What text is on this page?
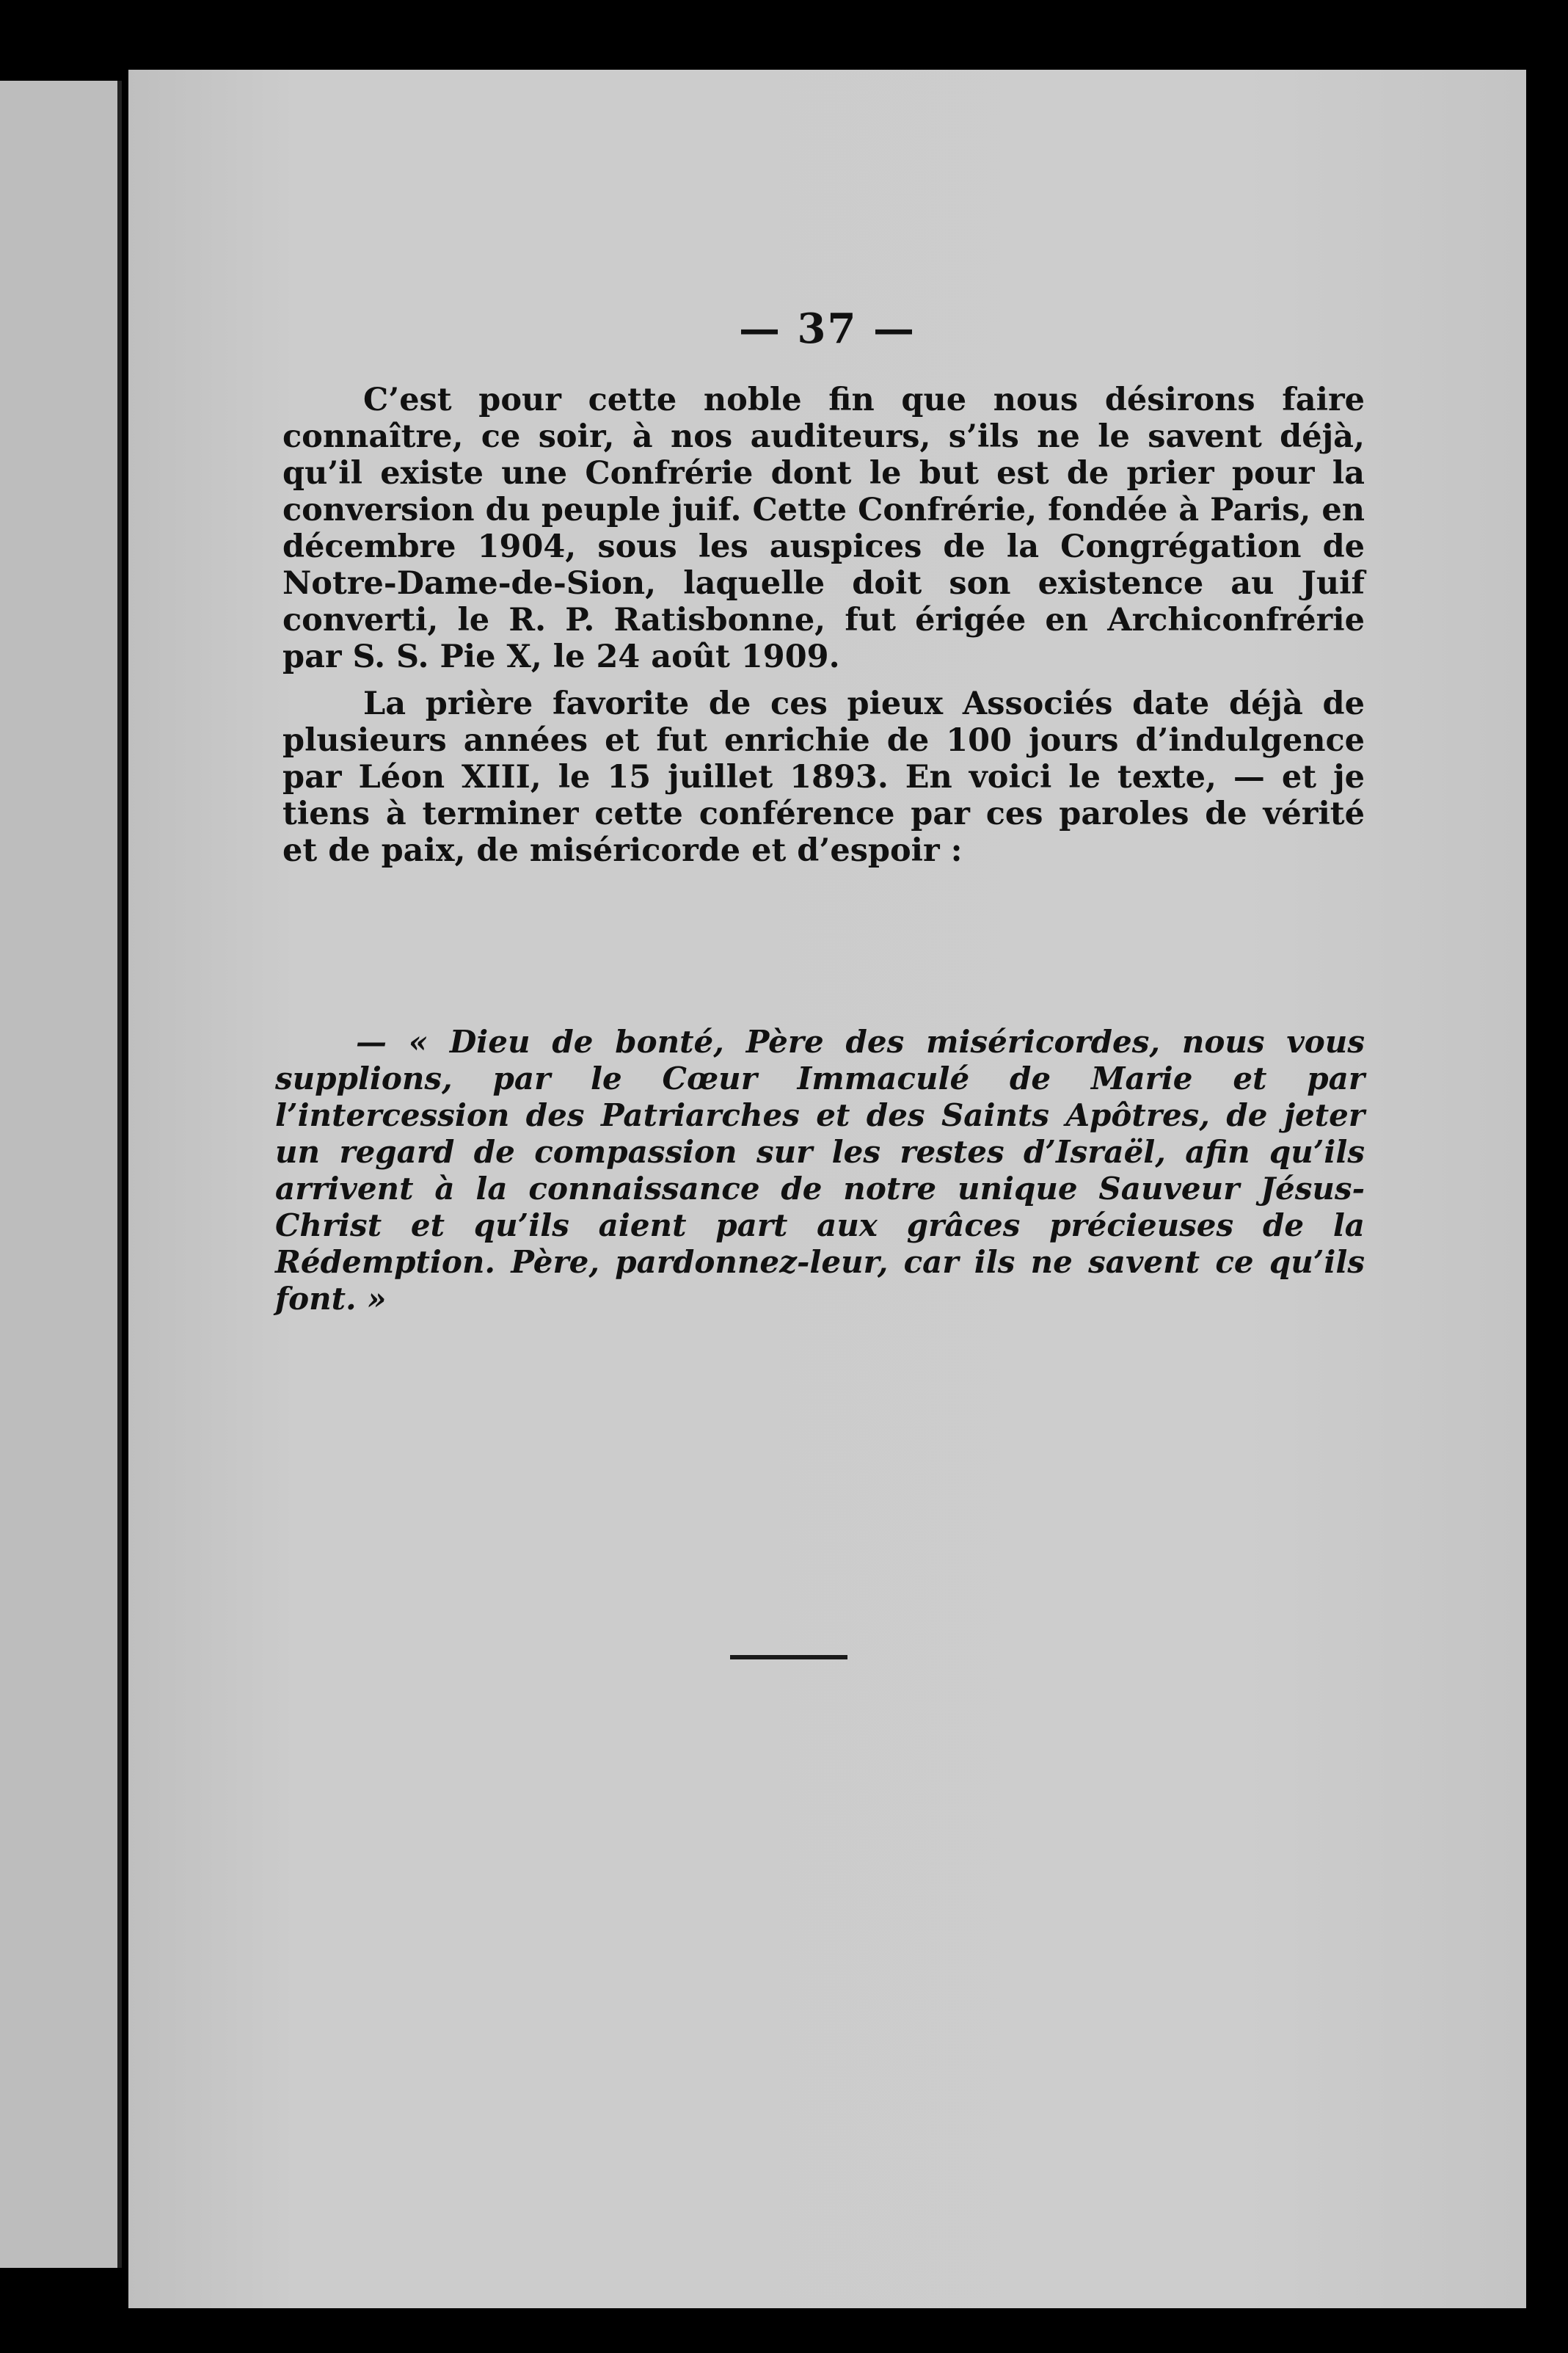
— 37 —

C’est pour cette noble fin que nous désirons faire connaître, ce soir, à nos auditeurs, s’ils ne le savent déjà, qu’il existe une Confrérie dont le but est de prier pour la conversion du peuple juif. Cette Confrérie, fondée à Paris, en décembre 1904, sous les auspices de la Congrégation de Notre-Dame-de-Sion, laquelle doit son existence au Juif converti, le R. P. Ratisbonne, fut érigée en Archiconfrérie par S. S. Pie X, le 24 août 1909.

La prière favorite de ces pieux Associés date déjà de plusieurs années et fut enrichie de 100 jours d’indulgence par Léon XIII, le 15 juillet 1893. En voici le texte, — et je tiens à terminer cette conférence par ces paroles de vérité et de paix, de miséricorde et d’espoir :

— « Dieu de bonté, Père des miséricordes, nous vous supplions, par le Cœur Immaculé de Marie et par l’intercession des Patriarches et des Saints Apôtres, de jeter un regard de compassion sur les restes d’Israël, afin qu’ils arrivent à la connaissance de notre unique Sauveur Jésus-Christ et qu’ils aient part aux grâces précieuses de la Rédemption. Père, pardonnez-leur, car ils ne savent ce qu’ils font. »
